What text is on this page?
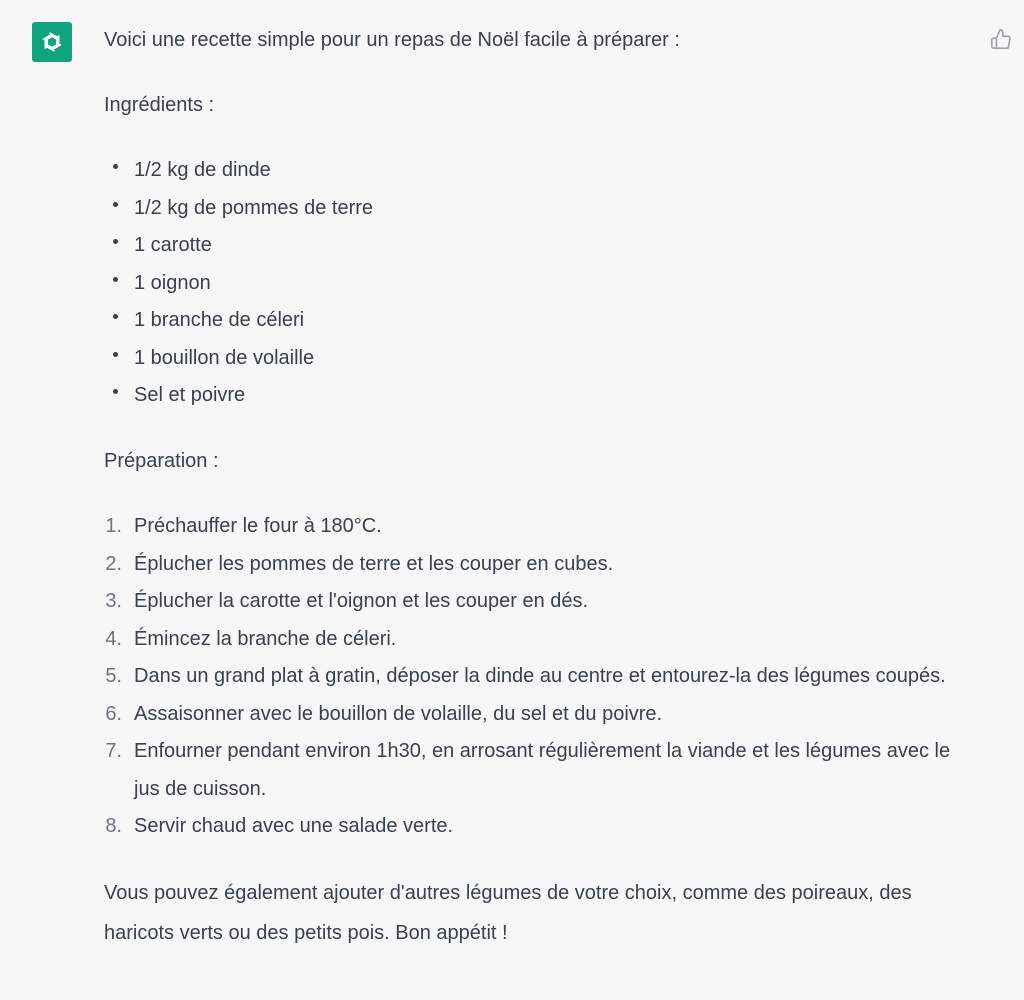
Voici une recette simple pour un repas de Noël facile à préparer :

Ingrédients :

1/2 kg de dinde
1/2 kg de pommes de terre
1 carotte
1 oignon
1 branche de céleri
1 bouillon de volaille
Sel et poivre

Préparation :

1. Préchauffer le four à 180°C.
2. Éplucher les pommes de terre et les couper en cubes.
3. Éplucher la carotte et l'oignon et les couper en dés.
4. Émincez la branche de céleri.
5. Dans un grand plat à gratin, déposer la dinde au centre et entourez-la des légumes coupés.
6. Assaisonner avec le bouillon de volaille, du sel et du poivre.
7. Enfourner pendant environ 1h30, en arrosant régulièrement la viande et les légumes avec le jus de cuisson.
8. Servir chaud avec une salade verte.

Vous pouvez également ajouter d'autres légumes de votre choix, comme des poireaux, des haricots verts ou des petits pois. Bon appétit !
